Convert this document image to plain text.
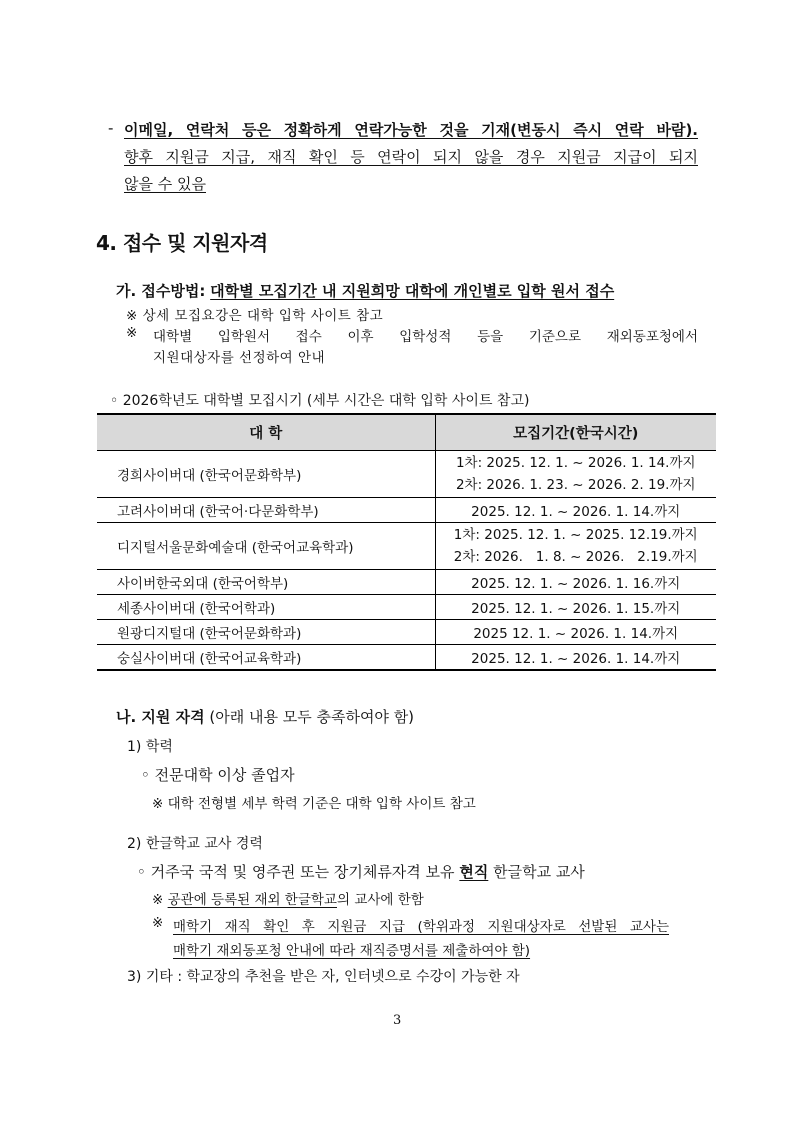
- 이메일, 연락처 등은 정확하게 연락가능한 것을 기재(변동시 즉시 연락 바람).
향후 지원금 지급, 재직 확인 등 연락이 되지 않을 경우 지원금 지급이 되지
않을 수 있음
4. 접수 및 지원자격
가. 접수방법: 대학별 모집기간 내 지원희망 대학에 개인별로 입학 원서 접수
※ 상세 모집요강은 대학 입학 사이트 참고
※ 대학별 입학원서 접수 이후 입학성적 등을 기준으로 재외동포청에서
지원대상자를 선정하여 안내
◦ 2026학년도 대학별 모집시기 (세부 시간은 대학 입학 사이트 참고)
대 학	모집기간(한국시간)
경희사이버대 (한국어문화학부)	1차: 2025. 12. 1. ~ 2026. 1. 14.까지
2차: 2026. 1. 23. ~ 2026. 2. 19.까지

고려사이버대 (한국어·다문화학부)	2025. 12. 1. ~ 2026. 1. 14.까지
디지털서울문화예술대 (한국어교육학과)	1차: 2025. 12. 1. ~ 2025. 12.19.까지
2차: 2026.   1. 8. ~ 2026.   2.19.까지

사이버한국외대 (한국어학부)	2025. 12. 1. ~ 2026. 1. 16.까지
세종사이버대 (한국어학과)	2025. 12. 1. ~ 2026. 1. 15.까지
원광디지털대 (한국어문화학과)	2025 12. 1. ~ 2026. 1. 14.까지
숭실사이버대 (한국어교육학과)	2025. 12. 1. ~ 2026. 1. 14.까지
나. 지원 자격 (아래 내용 모두 충족하여야 함)
1) 학력
◦ 전문대학 이상 졸업자
※ 대학 전형별 세부 학력 기준은 대학 입학 사이트 참고
2) 한글학교 교사 경력
◦ 거주국 국적 및 영주권 또는 장기체류자격 보유 현직 한글학교 교사
※ 공관에 등록된 재외 한글학교의 교사에 한함
※ 매학기 재직 확인 후 지원금 지급 (학위과정 지원대상자로 선발된 교사는
매학기 재외동포청 안내에 따라 재직증명서를 제출하여야 함)
3) 기타 : 학교장의 추천을 받은 자, 인터넷으로 수강이 가능한 자
3
